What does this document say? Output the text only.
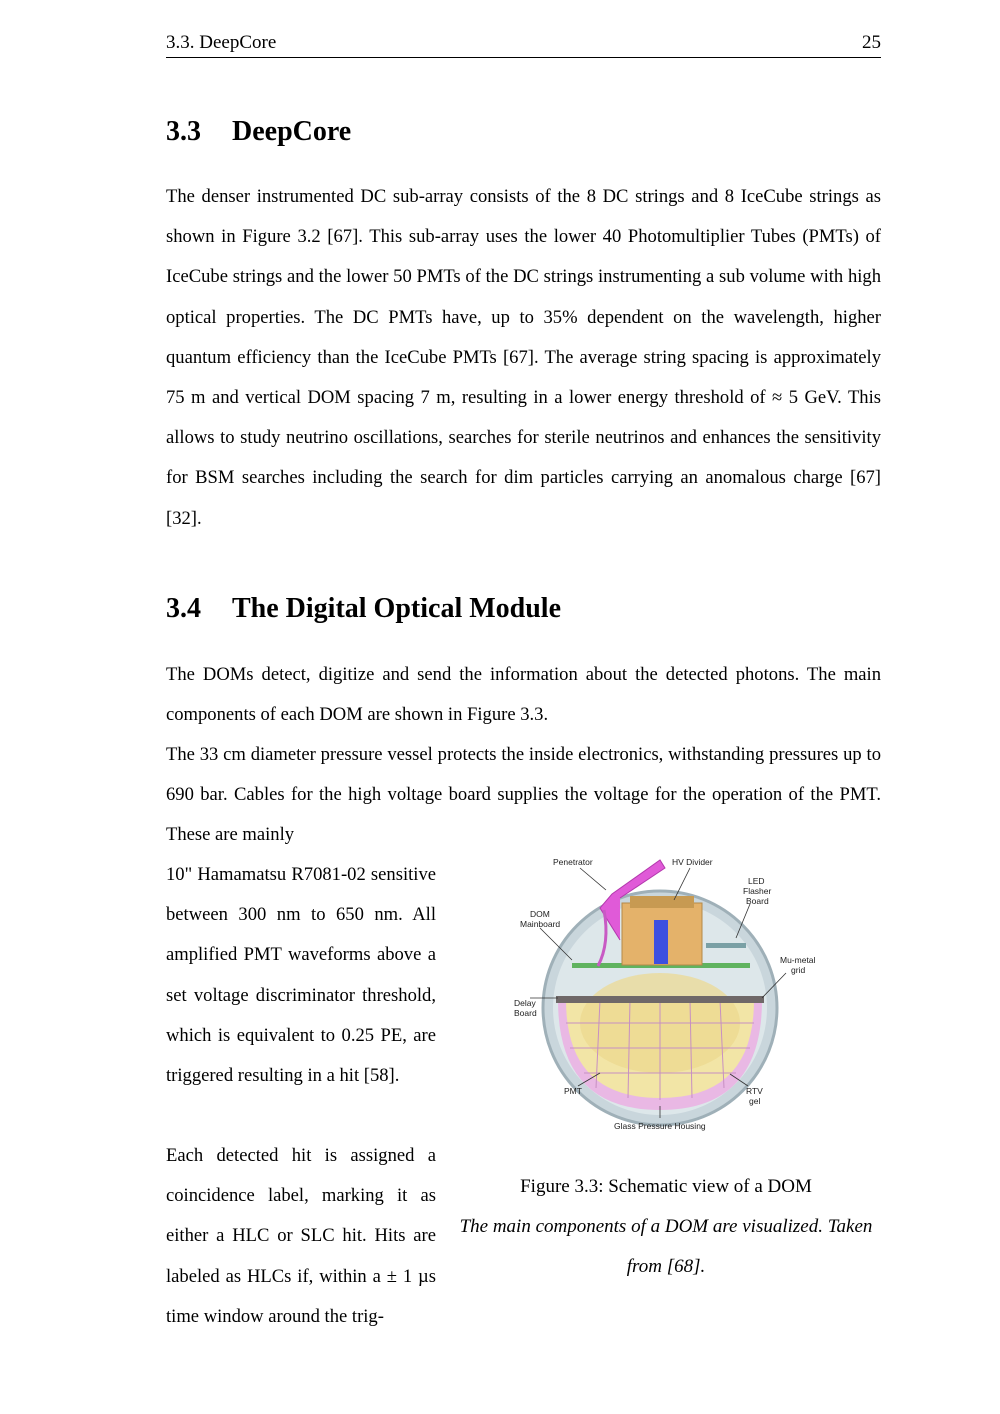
3.3. DeepCore	25
3.3 DeepCore

The denser instrumented DC sub-array consists of the 8 DC strings and 8 IceCube strings as shown in Figure 3.2 [67]. This sub-array uses the lower 40 Photomultiplier Tubes (PMTs) of IceCube strings and the lower 50 PMTs of the DC strings instrumenting a sub volume with high optical properties. The DC PMTs have, up to 35% dependent on the wavelength, higher quantum efficiency than the IceCube PMTs [67]. The average string spacing is approximately 75 m and vertical DOM spacing 7 m, resulting in a lower energy threshold of ≈ 5 GeV. This allows to study neutrino oscillations, searches for sterile neutrinos and enhances the sensitivity for BSM searches including the search for dim particles carrying an anomalous charge [67] [32].

3.4 The Digital Optical Module

The DOMs detect, digitize and send the information about the detected photons. The main components of each DOM are shown in Figure 3.3.

The 33 cm diameter pressure vessel protects the inside electronics, withstanding pressures up to 690 bar. Cables for the high voltage board supplies the voltage for the operation of the PMT. These are mainly

10" Hamamatsu R7081-02 sensitive between 300 nm to 650 nm. All amplified PMT waveforms above a set voltage discriminator threshold, which is equivalent to 0.25 PE, are triggered resulting in a hit [58].

Each detected hit is assigned a coincidence label, marking it as either a HLC or SLC hit. Hits are labeled as HLCs if, within a ± 1 µs time window around the trig-

Penetrator	HV Divider
LED
Flasher
Board
DOM
Mainboard
Mu-metal
grid
Delay
Board
PMT	RTV
gel
Glass Pressure Housing
Figure 3.3: Schematic view of a DOM
The main components of a DOM are visualized. Taken from [68].
